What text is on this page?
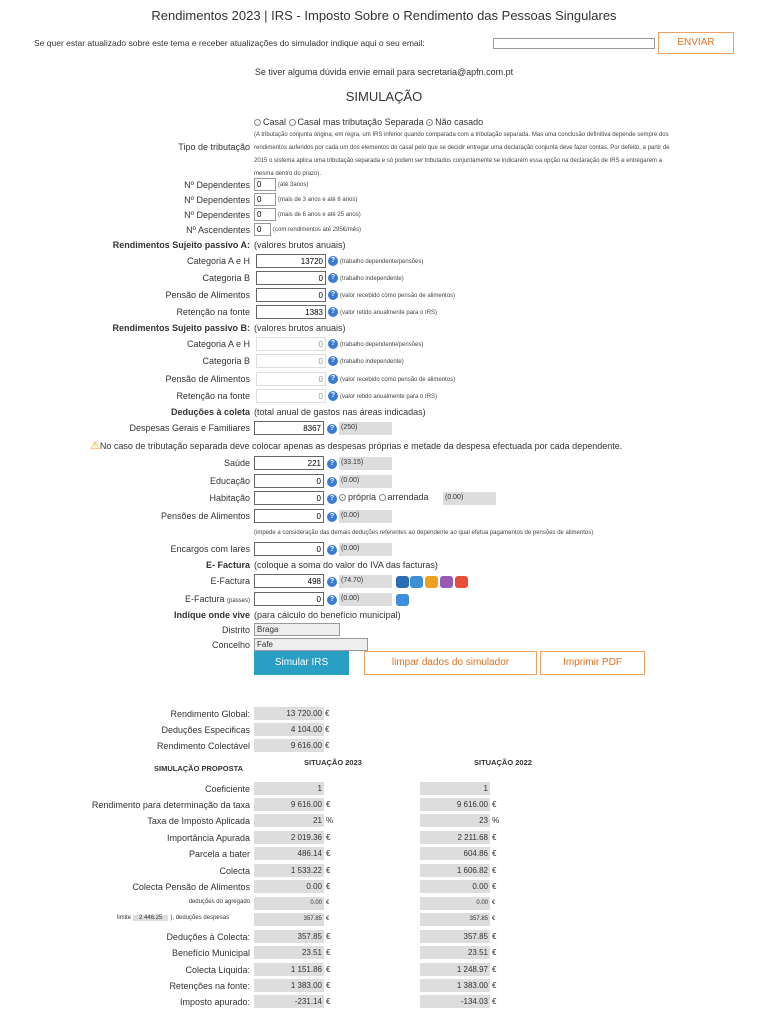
Rendimentos 2023 | IRS - Imposto Sobre o Rendimento das Pessoas Singulares
Se quer estar atualizado sobre este tema e receber atualizações do simulador indique aqui o seu email:	ENVIAR
Se tiver alguma dúvida envie email para secretaria@apfn.com.pt
SIMULAÇÃO
Casal Casal mas tributação Separada Não casado
(A tributação conjunta origina, em regra, um IRS inferior quando comparada com a tributação separada. Mas uma conclusão definitiva depende sempre dos
rendimentos auferidos por cada um dos elementos do casal pelo que se decidir entregar uma declaração conjunta deve fazer contas. Por defeito, a partir de
2015 o sistema aplica uma tributação separada e só podem ser tributados conjuntamente se indicarem essa opção na declaração de IRS e entregarem a
mesma dentro do prazo).
Tipo de tributação
Nº Dependentes
0	(até 3anos)
Nº Dependentes
0	(mais de 3 anos e até 6 anos)
Nº Dependentes
0	(mais de 6 anos e até 25 anos)
Nº Ascendentes
0	(com rendimentos até 295€/mês)
Rendimentos Sujeito passivo A: (valores brutos anuais)
Categoria A e H
13720	? (trabalho dependente/pensões)
Categoria B
0	? (trabalho independente)
Pensão de Alimentos
0	? (valor recebido como pensão de alimentos)
Retenção na fonte
1383	? (valor retido anualmente para o IRS)
Rendimentos Sujeito passivo B: (valores brutos anuais)
Categoria A e H
0	? (trabalho dependente/pensões)
Categoria B
0	? (trabalho independente)
Pensão de Alimentos
0	? (valor recebido como pensão de alimentos)
Retenção na fonte
0	? (valor retido anualmente para o IRS)
Deduções à coleta (total anual de gastos nas áreas indicadas)
Despesas Gerais e Familiares
8367	? (250)
⚠No caso de tributação separada deve colocar apenas as despesas próprias e metade da despesa efectuada por cada dependente.
Saúde
221	? (33.15)
Educação
0	? (0.00)
Habitação
0	?	própria arrendada (0.00)
Pensões de Alimentos
0	? (0.00)
(impede a consideração das demais deduções referentes ao dependente ao qual efetua pagamentos de pensões de alimentos)
Encargos com lares
0	? (0.00)
E- Factura (coloque a soma do valor do IVA das facturas)
E-Factura
498	? (74.70)
E-Factura (passes)
0	? (0.00)
Indique onde vive (para cálculo do benefício municipal)
Distrito Braga
Concelho Fafe
Simular IRS	limpar dados do simulador	Imprimir PDF
Rendimento Global:	13 720.00 €
Deduções Especificas	4 104.00 €
Rendimento Colectável	9 616.00 €
SIMULAÇÃO PROPOSTA
SITUAÇÃO 2023	SITUAÇÃO 2022
Coeficiente	1	1
Rendimento para determinação da taxa	9 616.00 €	9 616.00 €
Taxa de Imposto Aplicada	21 %	23 %
Importância Apurada	2 019.36 €	2 211.68 €
Parcela a bater	486.14 €	604.86 €
Colecta	1 533.22 €	1 606.82 €
Colecta Pensão de Alimentos	0.00 €	0.00 €
deduções do agregado	0.00 €	0.00 €
limite 2 446.25 ), deduções despesas	357.85 €	357.85 €
Deduções à Colecta:	357.85 €	357.85 €
Benefício Municipal	23.51 €	23.51 €
Colecta Liquida:	1 151.86 €	1 248.97 €
Retenções na fonte:	1 383.00 €	1 383.00 €
Imposto apurado:	-231.14 €	-134.03 €
